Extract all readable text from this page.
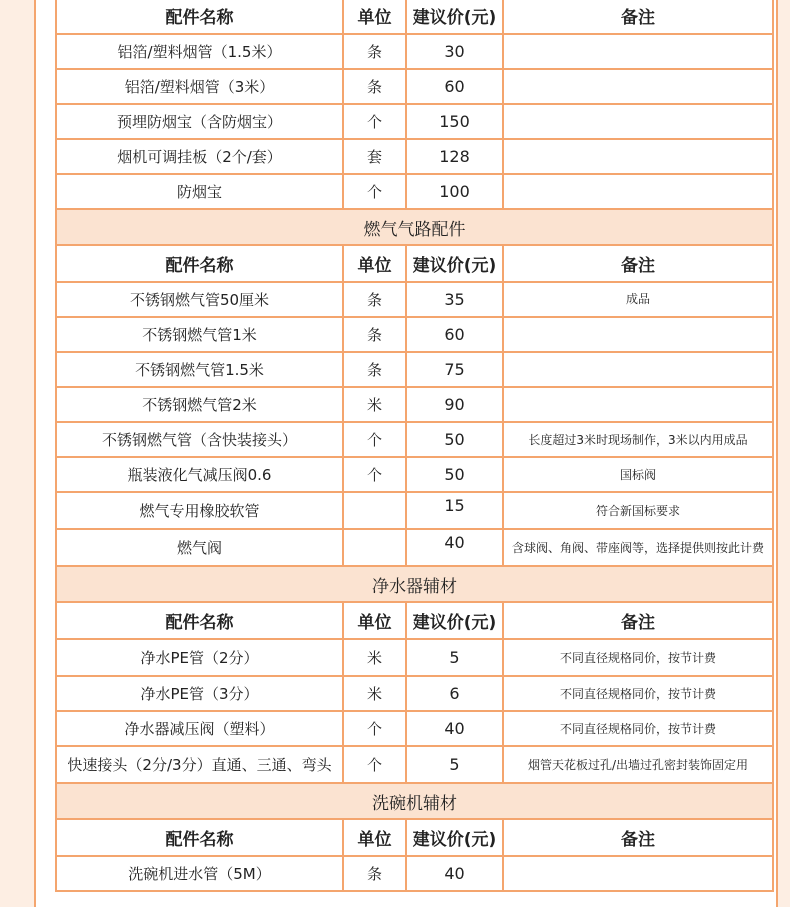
配件名称	单位	建议价(元)	备注
铝箔/塑料烟管（1.5米）	条	30	
铝箔/塑料烟管（3米）	条	60	
预埋防烟宝（含防烟宝）	个	150	
烟机可调挂板（2个/套）	套	128	
防烟宝	个	100	
燃气气路配件			
配件名称	单位	建议价(元)	备注
不锈钢燃气管50厘米	条	35	成品
不锈钢燃气管1米	条	60	
不锈钢燃气管1.5米	条	75	
不锈钢燃气管2米	米	90	
不锈钢燃气管（含快装接头）	个	50	长度超过3米时现场制作，3米以内用成品
瓶装液化气减压阀0.6	个	50	国标阀
燃气专用橡胶软管		15	符合新国标要求
燃气阀		40	含球阀、角阀、带座阀等，选择提供则按此计费
净水器辅材			
配件名称	单位	建议价(元)	备注
净水PE管（2分）	米	5	不同直径规格同价，按节计费
净水PE管（3分）	米	6	不同直径规格同价，按节计费
净水器减压阀（塑料）	个	40	不同直径规格同价，按节计费
快速接头（2分/3分）直通、三通、弯头	个	5	烟管天花板过孔/出墙过孔密封装饰固定用
洗碗机辅材			
配件名称	单位	建议价(元)	备注
洗碗机进水管（5M）	条	40	
